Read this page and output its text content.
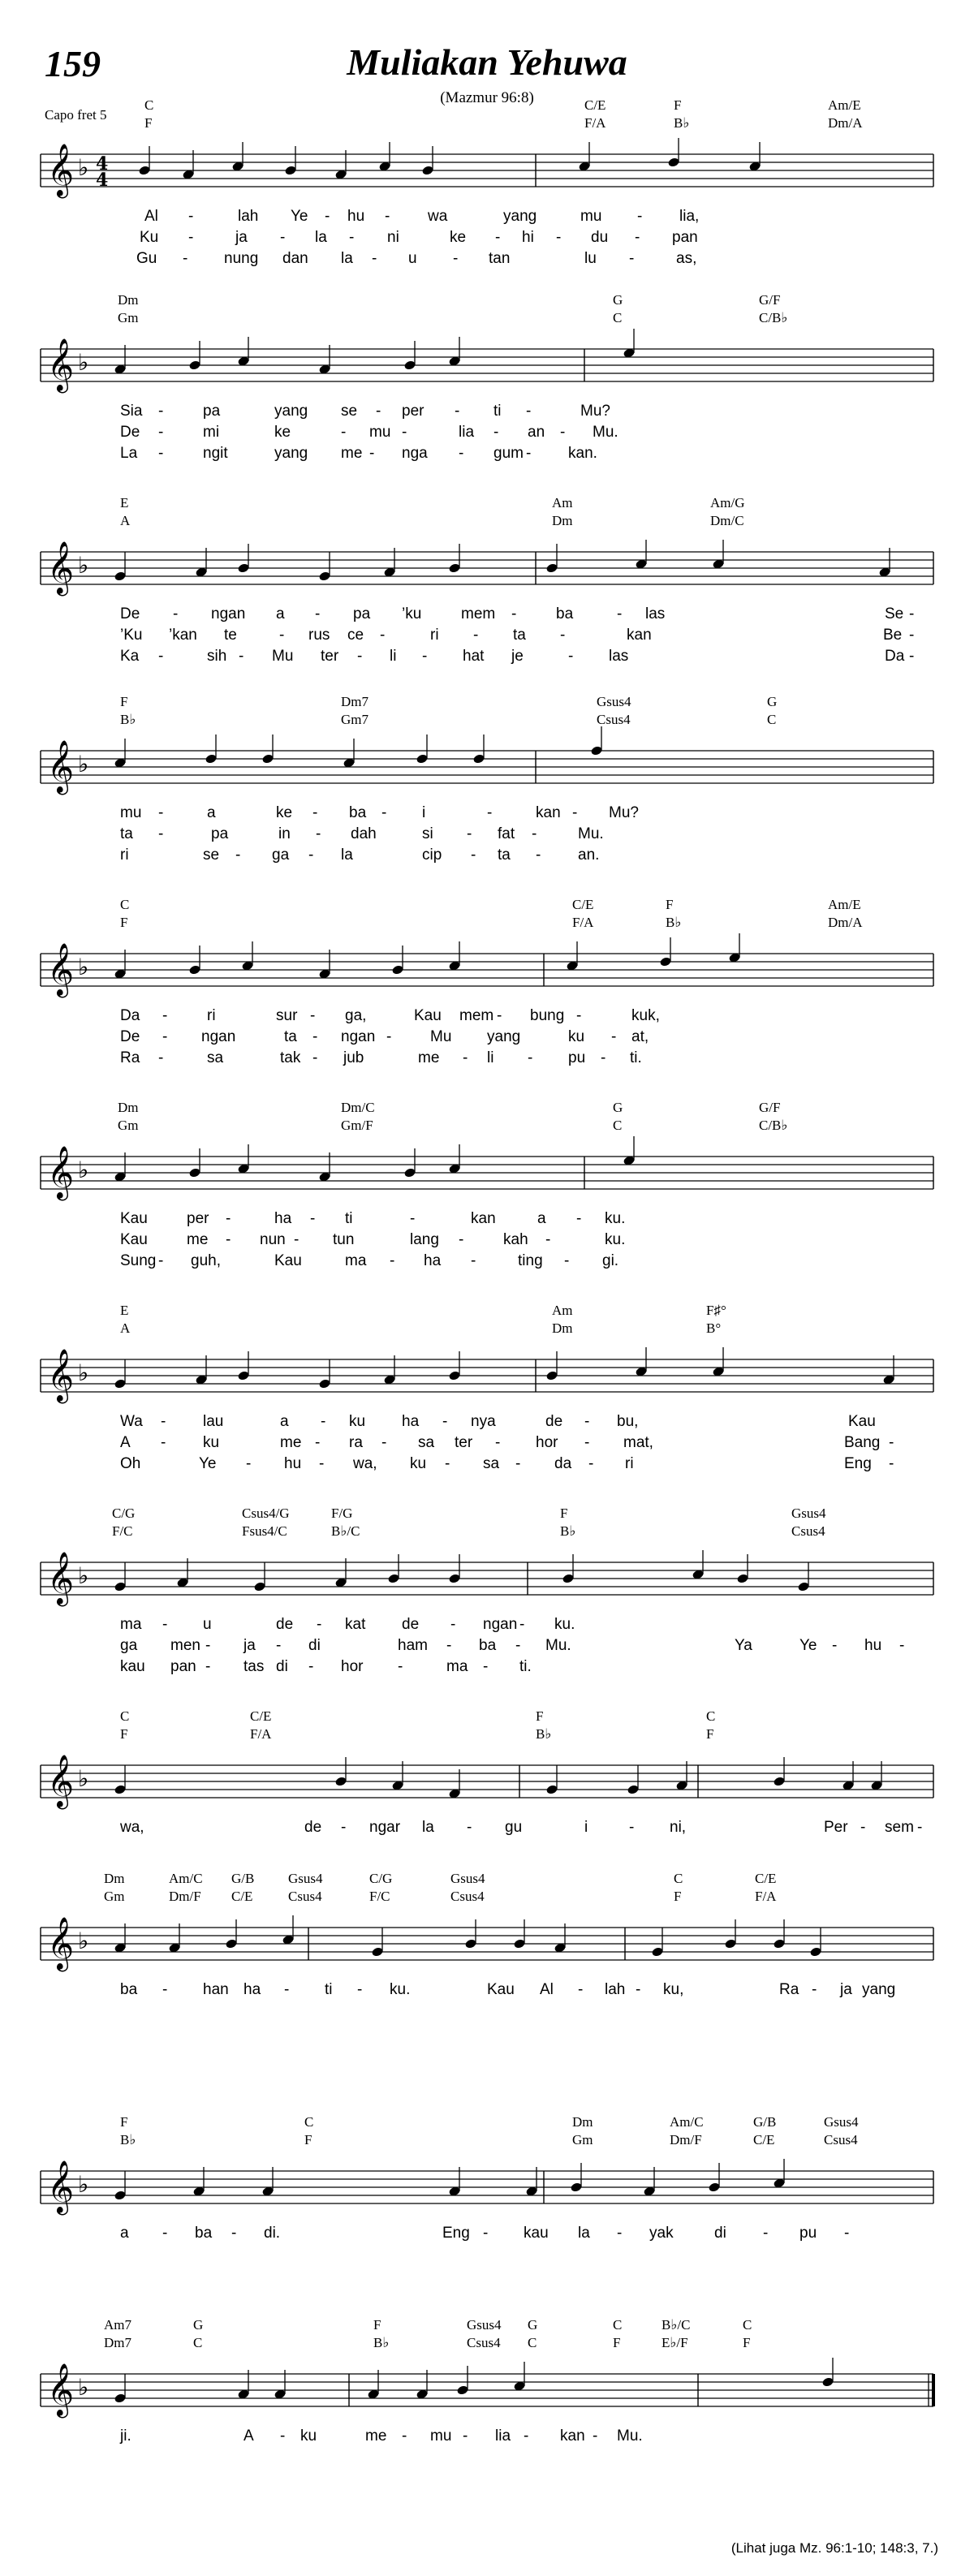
159	Muliakan Yehuwa
(Mazmur 96:8)
Capo fret 5
C	C/E	F	Am/E
F	F/A	B♭	Dm/A
𝄞 ♭ 4
4
Al -	lah Ye - hu - wa	yang	mu - lia,
Ku -	ja - la - ni	ke - hi - du - pan
Gu - nung dan la - u - tan	lu -	as,
Dm	G	G/F
Gm	C	C/B♭
𝄞 ♭
Sia -	pa	yang se - per - ti -	Mu?
De -	mi	ke	- mu -	lia - an - Mu.
La -	ngit	yang me - nga - gum - kan.
E	Am	Am/G
A	Dm	Dm/C
𝄞 ♭
De - ngan a - pa ’ku	mem -	ba	- las	Se -
’Ku ’kan te	- rus ce -	ri - ta -	kan	Be -
Ka -	sih - Mu ter - li - hat je	- las	Da -
F	Dm7	Gsus4	G
B♭	Gm7	Csus4	C
𝄞 ♭
mu -	a	ke - ba - i	-	kan - Mu?
ta -	pa	in - dah	si - fat -	Mu.
ri	se - ga - la	cip - ta - an.
C	C/E	F	Am/E
F	F/A	B♭	Dm/A
𝄞 ♭
Da -	ri	sur - ga,	Kau mem - bung -	kuk,
De - ngan	ta - ngan -	Mu yang	ku - at,
Ra -	sa	tak - jub	me - li - pu - ti.
Dm	Dm/C	G	G/F
Gm	Gm/F	C	C/B♭
𝄞 ♭
Kau	per -	ha - ti	-	kan	a - ku.
Kau	me - nun - tun	lang -	kah -	ku.
Sung - guh,	Kau	ma - ha -	ting - gi.
E	Am	F♯°
A	Dm	B°
𝄞 ♭
Wa - lau	a - ku ha - nya	de - bu,	Kau
A - ku	me - ra - sa ter - hor - mat,	Bang -
Oh	Ye - hu - wa, ku - sa - da - ri	Eng -
C/G	Csus4/G	F/G	F	Gsus4
F/C	Fsus4/C	B♭/C	B♭	Csus4
𝄞 ♭
ma - u	de - kat de - ngan - ku.
ga men - ja - di	ham - ba - Mu.	Ya	Ye - hu -
kau pan - tas di - hor -	ma - ti.
C	C/E	F	C
F	F/A	B♭	F
𝄞 ♭
wa,	de - ngar la - gu	i	- ni,	Per - sem -
Dm	Am/C G/B Gsus4	C/G	Gsus4	C	C/E
Gm	Dm/F C/E	Csus4	F/C	Csus4	F	F/A
𝄞 ♭
ba - han ha - ti - ku.	Kau Al - lah - ku,	Ra - ja yang
F	C	Dm	Am/C	G/B	Gsus4
B♭	F	Gm	Dm/F	C/E	Csus4
𝄞 ♭
a - ba - di.	Eng - kau la - yak	di - pu -
Am7	G	F	Gsus4 G	C	B♭/C	C
Dm7	C	B♭	Csus4 C	F	E♭/F	F
𝄞 ♭
ji.	A - ku	me - mu - lia - kan - Mu.
(Lihat juga Mz. 96:1-10; 148:3, 7.)
